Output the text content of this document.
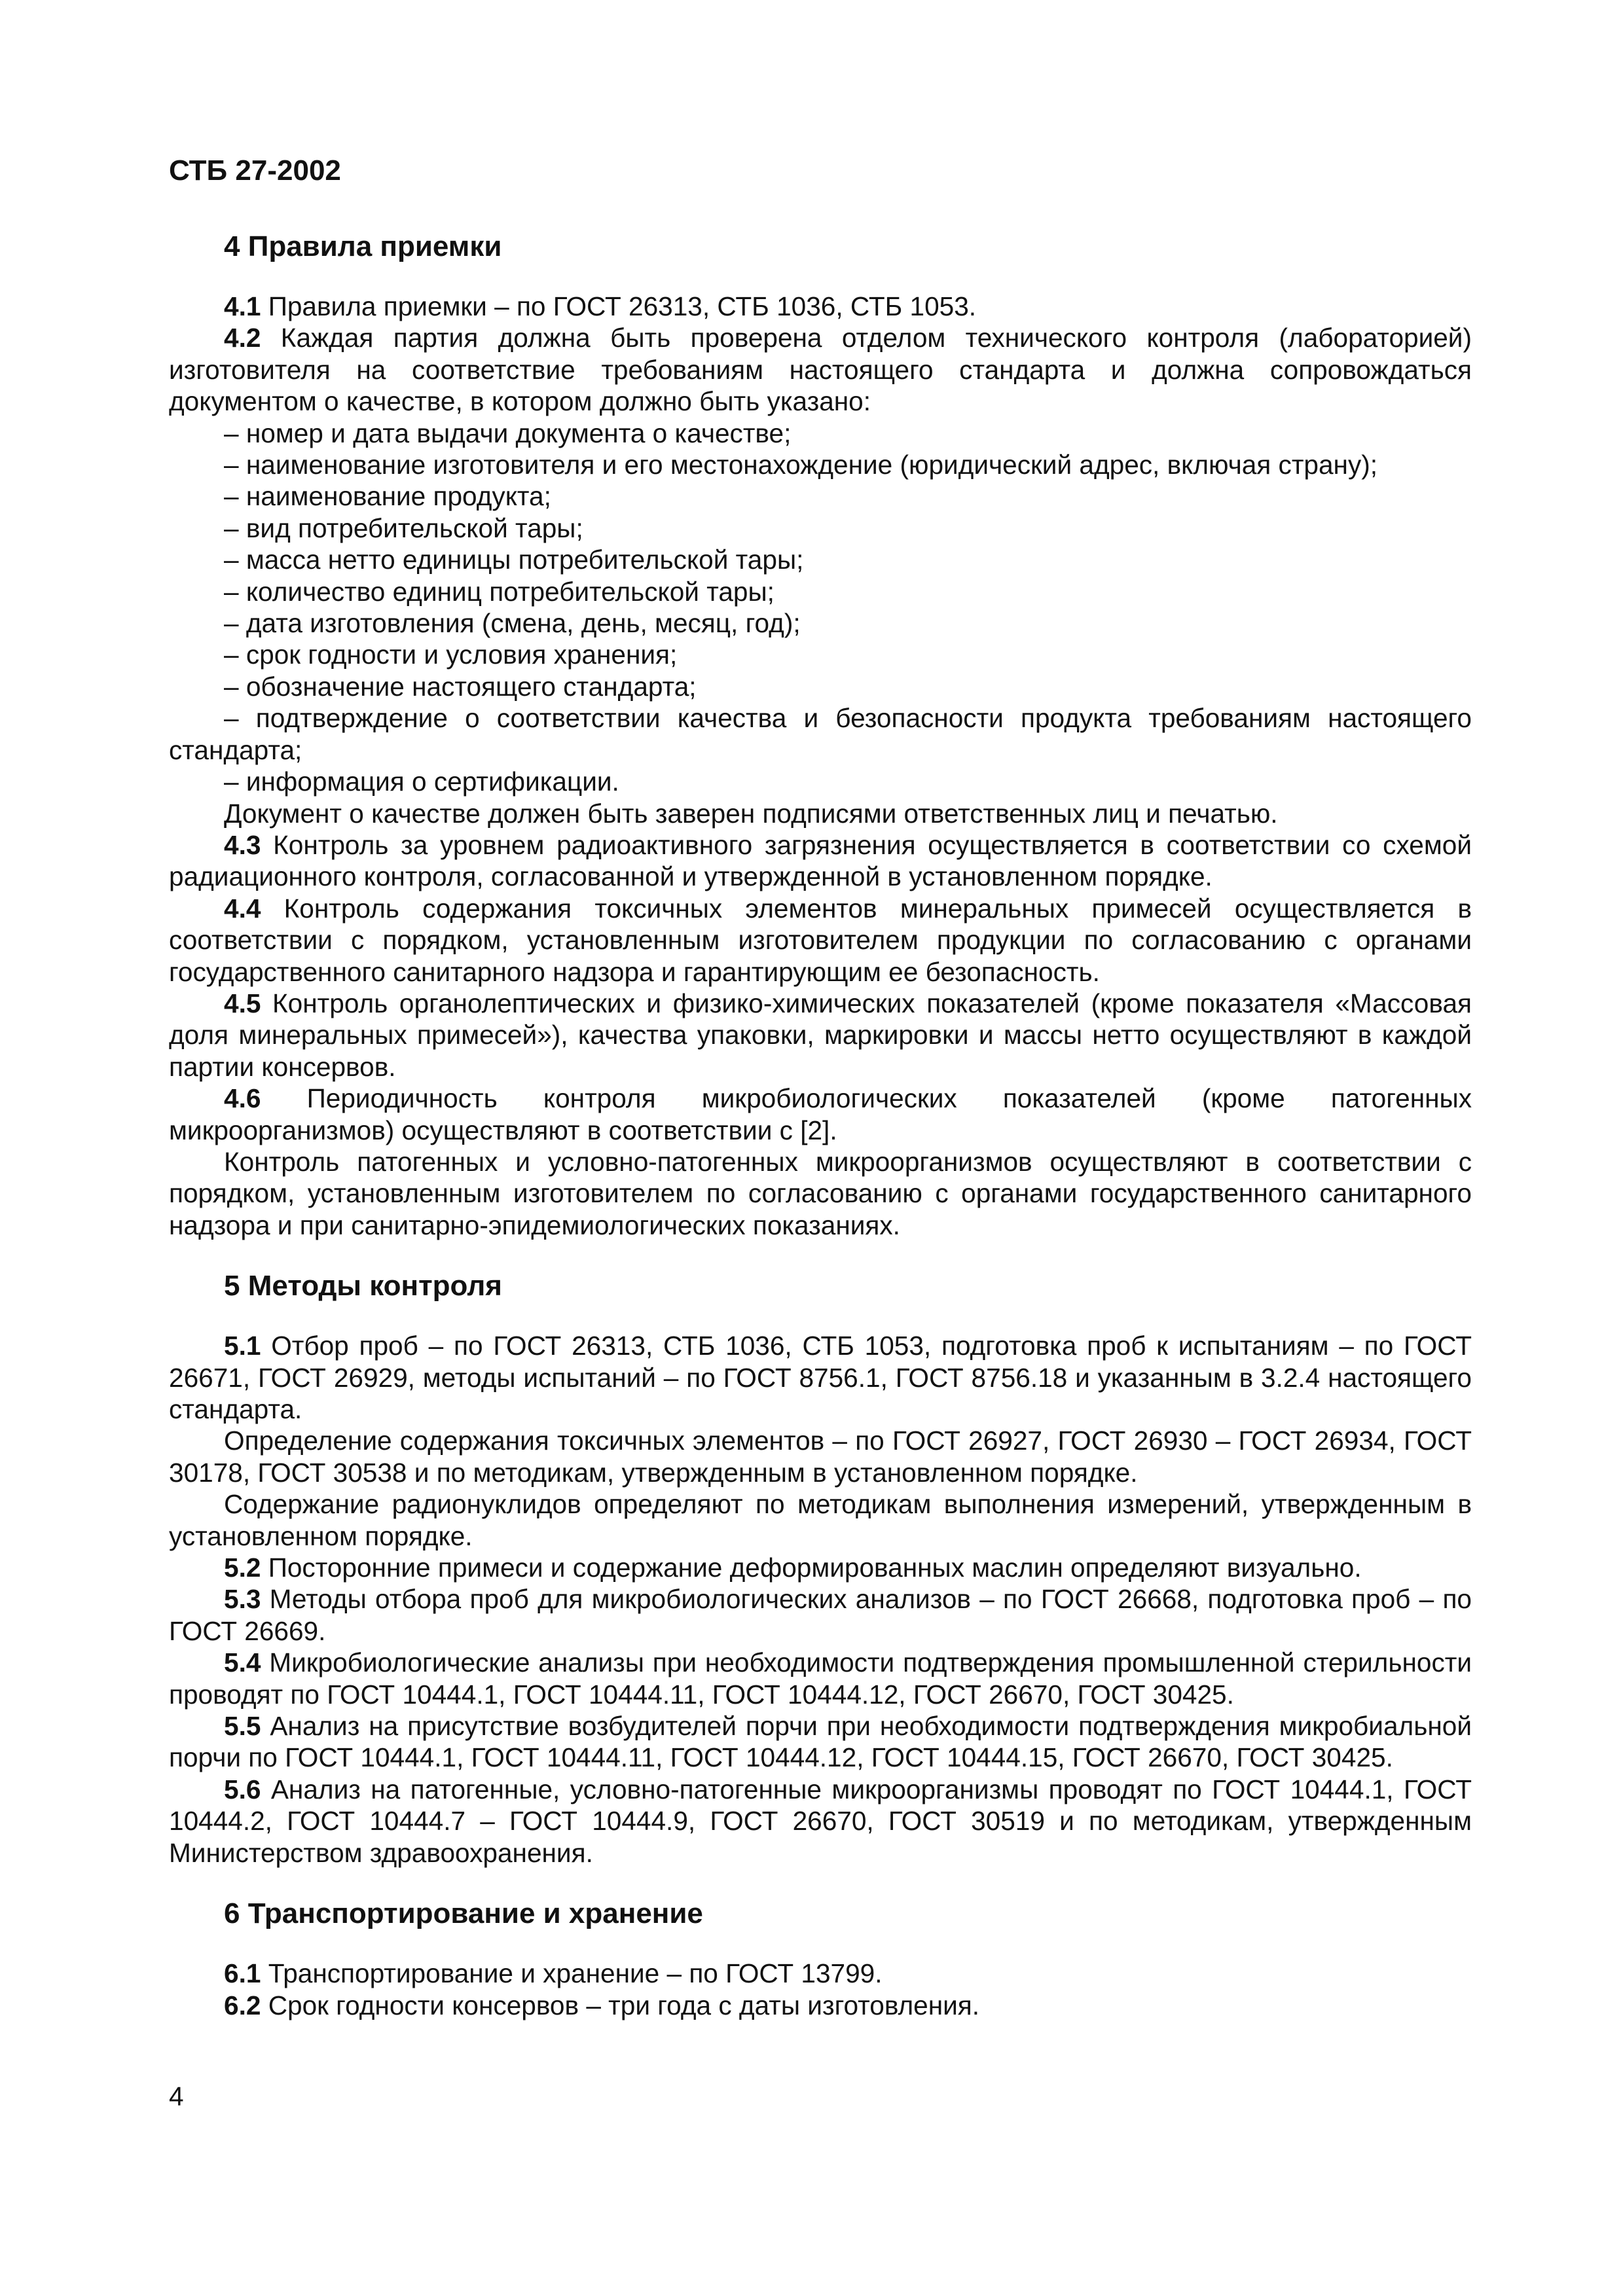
СТБ 27-2002
4 Правила приемки

4.1 Правила приемки – по ГОСТ 26313, СТБ 1036, СТБ 1053.

4.2 Каждая партия должна быть проверена отделом технического контроля (лабораторией) изготовителя на соответствие требованиям настоящего стандарта и должна сопровождаться документом о качестве, в котором должно быть указано:

– номер и дата выдачи документа о качестве;

– наименование изготовителя и его местонахождение (юридический адрес, включая страну);

– наименование продукта;

– вид потребительской тары;

– масса нетто единицы потребительской тары;

– количество единиц потребительской тары;

– дата изготовления (смена, день, месяц, год);

– срок годности и условия хранения;

– обозначение настоящего стандарта;

– подтверждение о соответствии качества и безопасности продукта требованиям настоящего стандарта;

– информация о сертификации.

Документ о качестве должен быть заверен подписями ответственных лиц и печатью.

4.3 Контроль за уровнем радиоактивного загрязнения осуществляется в соответствии со схемой радиационного контроля, согласованной и утвержденной в установленном порядке.

4.4 Контроль содержания токсичных элементов минеральных примесей осуществляется в соответствии с порядком, установленным изготовителем продукции по согласованию с органами государственного санитарного надзора и гарантирующим ее безопасность.

4.5 Контроль органолептических и физико-химических показателей (кроме показателя «Массовая доля минеральных примесей»), качества упаковки, маркировки и массы нетто осуществляют в каждой партии консервов.

4.6 Периодичность контроля микробиологических показателей (кроме патогенных микроорганизмов) осуществляют в соответствии с [2].

Контроль патогенных и условно-патогенных микроорганизмов осуществляют в соответствии с порядком, установленным изготовителем по согласованию с органами государственного санитарного надзора и при санитарно-эпидемиологических показаниях.

5 Методы контроля

5.1 Отбор проб – по ГОСТ 26313, СТБ 1036, СТБ 1053, подготовка проб к испытаниям – по ГОСТ 26671, ГОСТ 26929, методы испытаний – по ГОСТ 8756.1, ГОСТ 8756.18 и указанным в 3.2.4 настоящего стандарта.

Определение содержания токсичных элементов – по ГОСТ 26927, ГОСТ 26930 – ГОСТ 26934, ГОСТ 30178, ГОСТ 30538 и по методикам, утвержденным в установленном порядке.

Содержание радионуклидов определяют по методикам выполнения измерений, утвержденным в установленном порядке.

5.2 Посторонние примеси и содержание деформированных маслин определяют визуально.

5.3 Методы отбора проб для микробиологических анализов – по ГОСТ 26668, подготовка проб – по ГОСТ 26669.

5.4 Микробиологические анализы при необходимости подтверждения промышленной стерильности проводят по ГОСТ 10444.1, ГОСТ 10444.11, ГОСТ 10444.12, ГОСТ 26670, ГОСТ 30425.

5.5 Анализ на присутствие возбудителей порчи при необходимости подтверждения микробиальной порчи по ГОСТ 10444.1, ГОСТ 10444.11, ГОСТ 10444.12, ГОСТ 10444.15, ГОСТ 26670, ГОСТ 30425.

5.6 Анализ на патогенные, условно-патогенные микроорганизмы проводят по ГОСТ 10444.1, ГОСТ 10444.2, ГОСТ 10444.7 – ГОСТ 10444.9, ГОСТ 26670, ГОСТ 30519 и по методикам, утвержденным Министерством здравоохранения.

6 Транспортирование и хранение

6.1 Транспортирование и хранение – по ГОСТ 13799.

6.2 Срок годности консервов – три года с даты изготовления.

4
